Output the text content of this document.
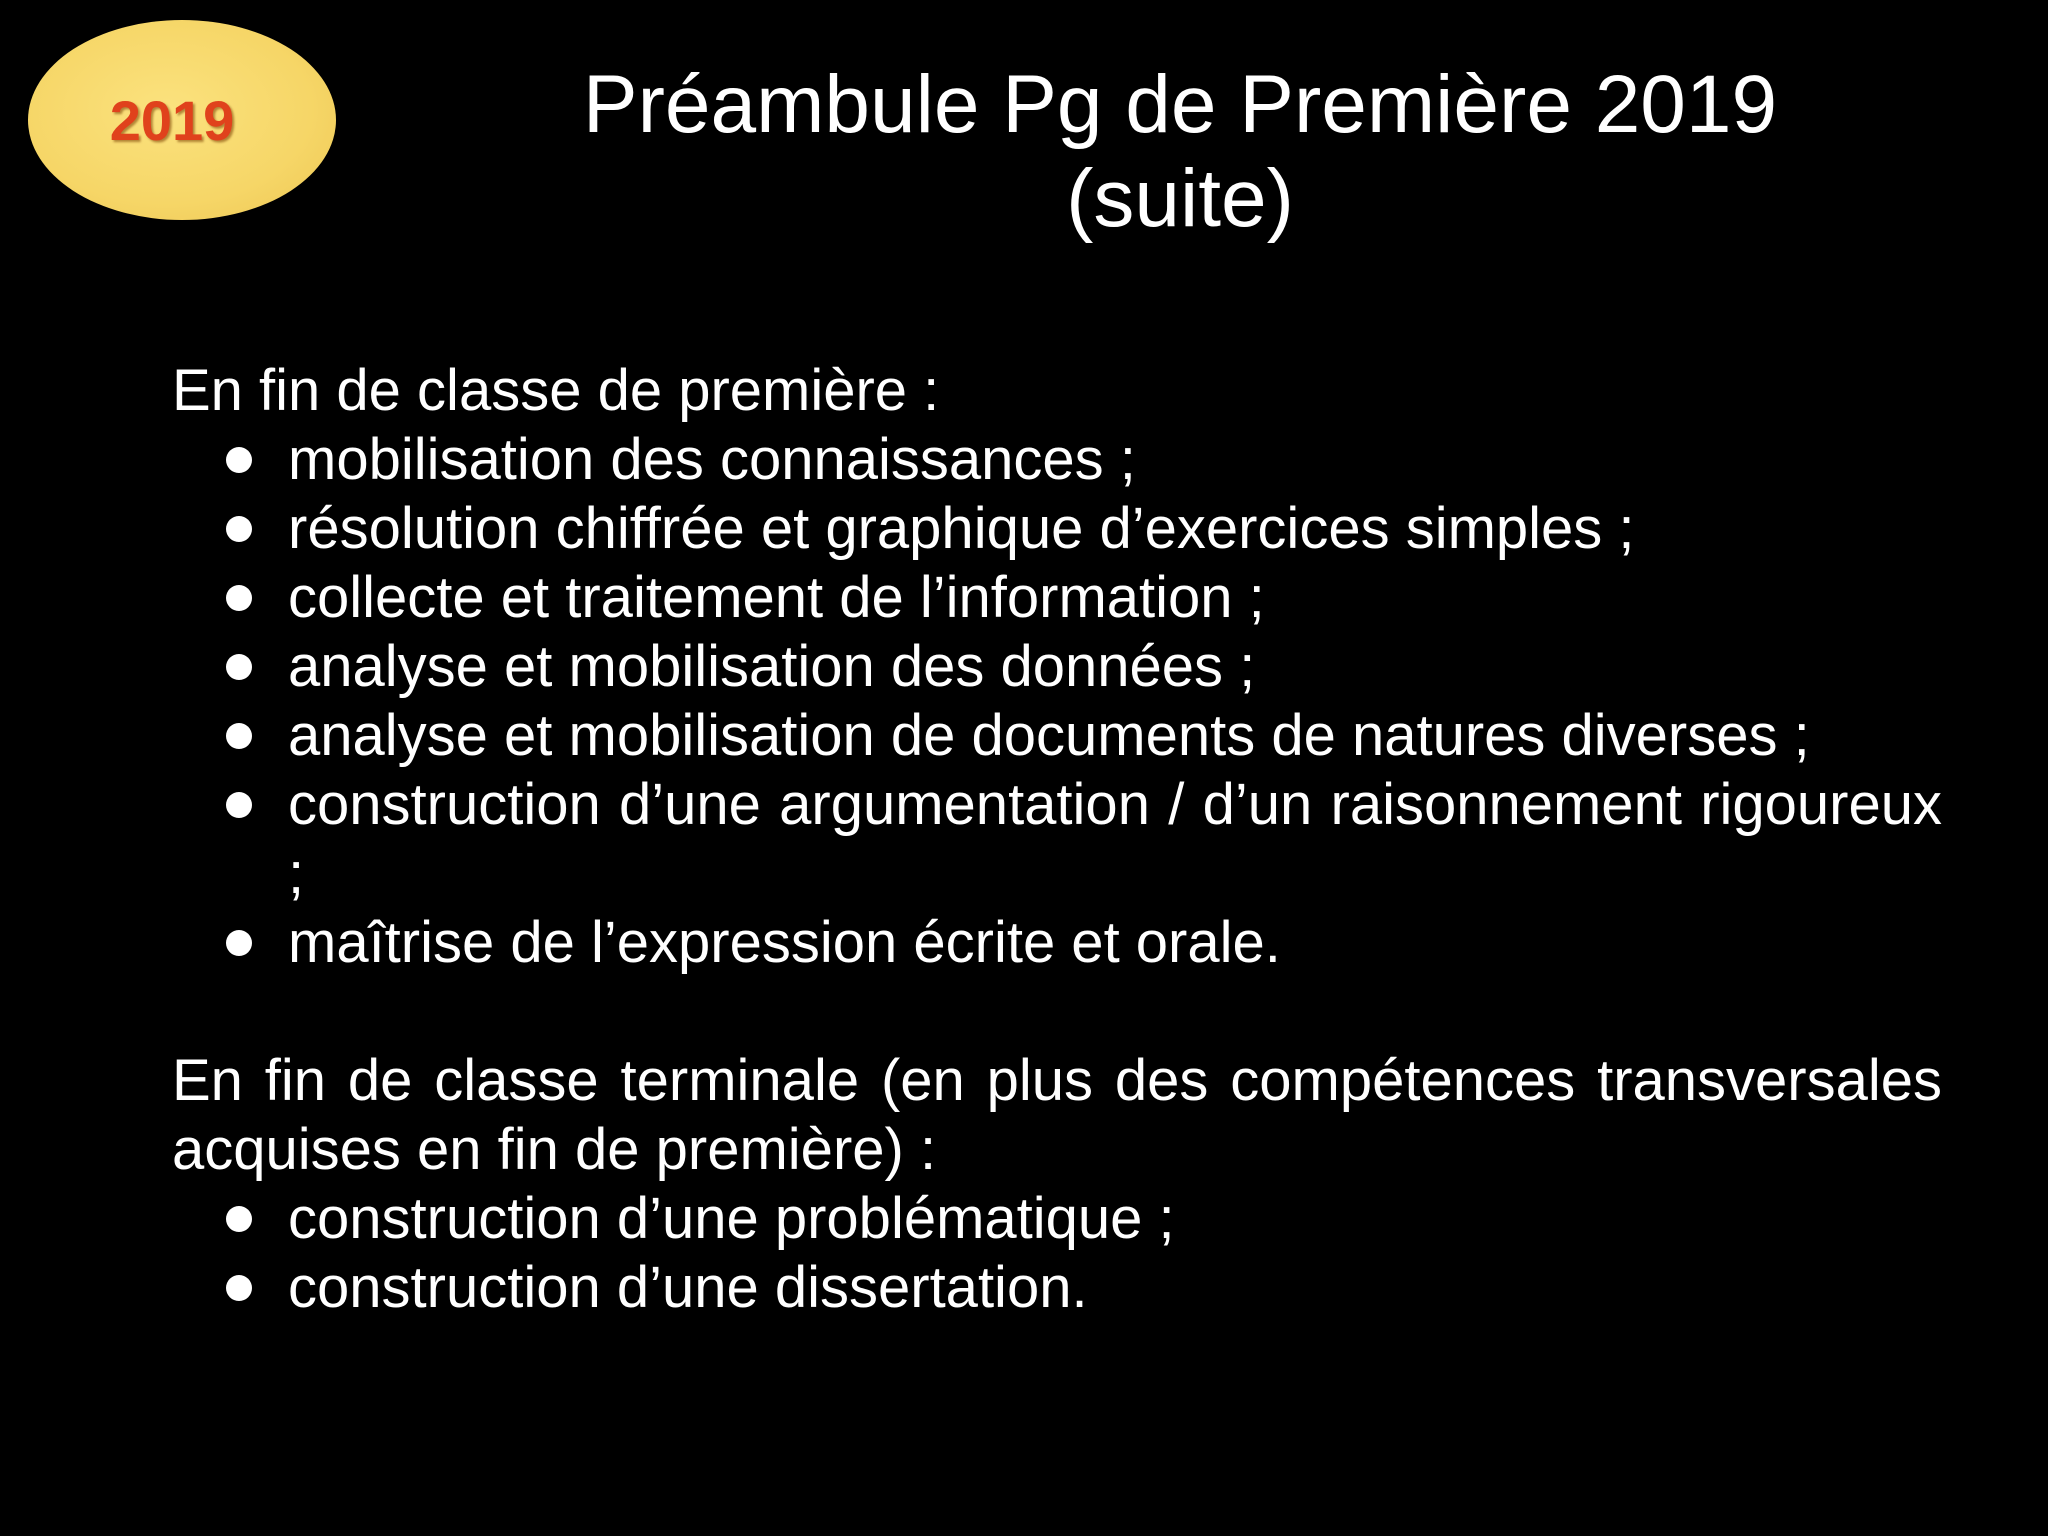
2019	Préambule Pg de Première 2019
(suite)

En fin de classe de première :

mobilisation des connaissances ;
résolution chiffrée et graphique d’exercices simples ;
collecte et traitement de l’information ;
analyse et mobilisation des données ;
analyse et mobilisation de documents de natures diverses ;
construction d’une argumentation / d’un raisonnement rigoureux ;
maîtrise de l’expression écrite et orale.

En fin de classe terminale (en plus des compétences transversales acquises en fin de première) :

construction d’une problématique ;
construction d’une dissertation.
